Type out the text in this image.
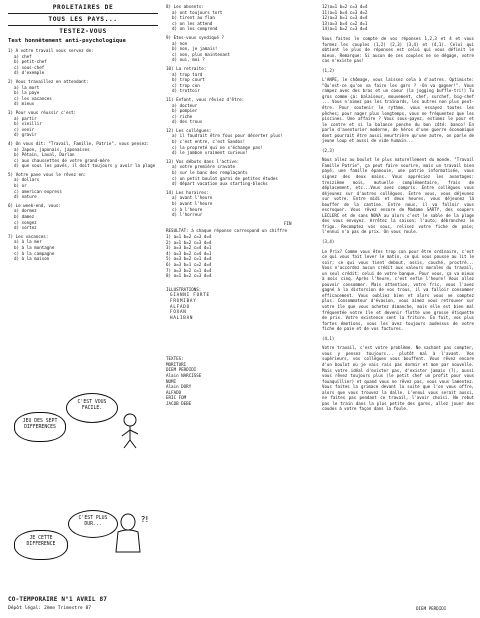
PROLETAIRES DE
TOUS LES PAYS...
TESTEZ-VOUS
Test honnêtement anti-psychologique
1) A votre travail vous servez de:
a) chef
b) petit-chef
c) sous-chef
d) d'exemple
2) Vous travaillez en attendant:
a) la mort
b) la paye
c) les vacances
d) mieux
3) Pour vous réussir c'est:
a) partir
b) vieillir
c) venir
d) gravir
4) On vous dit: "Travail, Famille, Patrie", vous pensez:
a) Japon, japonais, japonaises
b) Pétain, Laval, Darlan
c) aux chaussettes de votre grand-mère
d) que sous les pavés, il doit toujours y avoir la plage
5) Votre pave vous le rêvez en:
a) dollars
b) or
c) american express
d) nature
6) Le week-end, vous:
a) dormez
b) damez
c) songez
d) sortez
7) Les vacances:
a) à la mer
b) à la montagne
c) à la campagne
d) à la maison
C'EST VOUS FACILE.
JEU DES SEPT DIFFERENCES
C'EST PLUS DUR...
JE CETTE DIFFERENCE
?!
8) Les absents:
a) ont toujours tort
b) tirent au flan
c) on les attend
d) on les comprend
9) Etes-vous syndiqué ?
a) non
b) non, je jamais!
c) non, plus maintenant
d) oui, moi ?
10) La retraite:
a) trop tard
b) trop court
c) trop con
d) trottoir
11) Enfant, vous rêviez d'être:
a) docteur
b) pompier
c) riche
d) des trous
12) Les collègues:
a) il faudrait être fous pour déserter plus!
b) c'est entre, c'est Sandos!
c) la propreté qui ne s'échange pas!
d) le jambon vraiment curieux!
13) Vos débuts dans l'active:
a) votre première cravate
b) sur le banc des remplaçants
c) un petit boulot garni de petites études
d) départ vacation aux starting-blocks
14) Les horaires:
a) avant l'heure
b) avant l'heure
c) à l'heure
d) l'horreur
FIN
RESULTAT: à chaque réponse correspond un chiffre
1) a=1 b=2 c=3 d=4
2) a=1 b=2 c=3 d=4
3) a=3 b=2 c=4 d=1
4) a=3 b=2 c=4 d=1
5) a=3 b=2 c=1 d=4
6) a=3 b=1 c=2 d=4
7) a=3 b=2 c=1 d=4
8) a=1 b=2 c=3 d=4
ILLUSTRATIONS:
GIANNI FORTE
FROMIBAY
ALFADO
FOXAN
HALIBAN
TEXTES:
MORITURI
DIEM PERDIDI
Alain NARCISSE
NUMI
Alain DORY
ALFADO
ERIC FOM
JACOB DEBE
12)a=1 b=2 c=3 d=4
11)a=1 b=4 c=3 d=2
12)a=3 b=1 c=3 d=4
13)a=3 b=4 c=2 d=1
14)a=1 b=2 c=3 d=4
Vous faites le compte de vos réponses 1,2,3 et 4 et vous formez les couples (1,2) (2,3) (3,4) et (4,1). Celui qui obtient le plus de réponses est celui qui vous définit le mieux. Remarque: Si aucun de ces couples ne se dégage, votre cas n'existe pas!
(1,2)
L'ANPE, le chômage, vous laissez cela à d'autres. Optimiste: "Qu'est-ce qu'on va faire les gars ? -On va gagner!". Vous rampez avec des bras et un coeur (la jogging buffle-tri!) Tu gros comme ça: balaiseur, mouvement, chef, surchef, big-chef ... Vous n'aimez pas les traînards, les autres non plus peut-être. Pour soutenir le rythme, vous essayez toutes les pêches; pour nager plus longtemps, vous ne fréquentez que les piscines. Une affaire ? Vous sous-payez, estimez le pour et le contre et si la balance penche du bon côté: banco! En parle d'aventurier moderne, de héros d'une guerre économique dont pourrait être aussi meurtrière qu'une autre, on parle de jeune loup et aussi de vide humain...
(2,3)
Nous allez au boulot le plus naturellement du monde. "Travail Famille Patrie", ça peut faire sourire, mais un travail bien payé, une famille épanouie, une patrie informatisée, vous signez des deux mains. Vous appréciez les avantages: treizième mois, mutuelle complémentaire, frais de déplacement, etc...Vous avez compris. Entre collègues vous déjeunez sur d'autres collègues. Entre vous, vous déjeunez sur votre. Entre midi et deux heures, vous déjeunez là bouffer de la cantine. Entre nous, il va falloir vous escroquer. Vous rêvez encore de Madame SARTY, des soupers LECLERC et de sans NOVA au alors c'est le sable de la plage des vous envoyez. Arrêtez la saison; l'auto; débranchez le frigo. Recomptez vos sous, relisez votre fiche de paie; l'ennui n'a pas de prix. On vous roule.
(3,4)
Le Prix? Comme vous êtes trop con pour être ordinaire, c'est ce qui vous fait lever le matin, ce qui vous pousse au lit le soir; ce qui vous tient debout, assis, couché, prostré... Vous n'accordez aucun crédit aux valeurs morales du travail, un seul crédit: celui de votre banque. Pour vous, ça va mieux à mois cinq. Après l'heure, c'est enfin l'heure! Vous allez pouvoir consommer. Mais attention, votre fric, vous l'avez gagné à la distorsion de vos trous, il va falloir consommer efficacement. Vous oubliez bien et alors vous ne comptez plus. Consommateur d'évasion, vous aimez vous retrouver sur votre île que vous achetez dimanche, mais elle est bien mal fréquentée votre île et devenir flotte une grosse étiquette de prix. Votre existence sent la friture. En fait, vos plus fortes émotions, vous les avez toujours audessus de votre fiche de paie et de vos factures.
(4,1)
Votre travail, c'est votre problème. Ne sachant pas compter, vous y pensez toujours... plutôt mal à l'avant. Vos supérieurs, vos collègues vous bouffent. Vous rêvez encore d'un boulot où je vais rais pas dormir et mon par nouvelle. Mais votre idéal d'exister pas, d'exister jamais (?), aussi vous rêvez toujours plus (le petit chef un profit pour vous fouaquillier) et quand vous ne rêvez pas, vous vous lamentez. Vous faites la grimace devant la suite que l'on vous offre, alors que vous trouvez la dalle. L'ennui vous serait aussi, ne faites pas pendant ce travail, l'avoir choisi. Ne rebut pas le train dans la plus petite des gares, allez jouer des coudes à votre façon dans la foule.
CO-TEMPORAIRE N°1 AVRIL 87
Dépôt légal: 2ème Trimestre 87	DIEM PERDIDI
